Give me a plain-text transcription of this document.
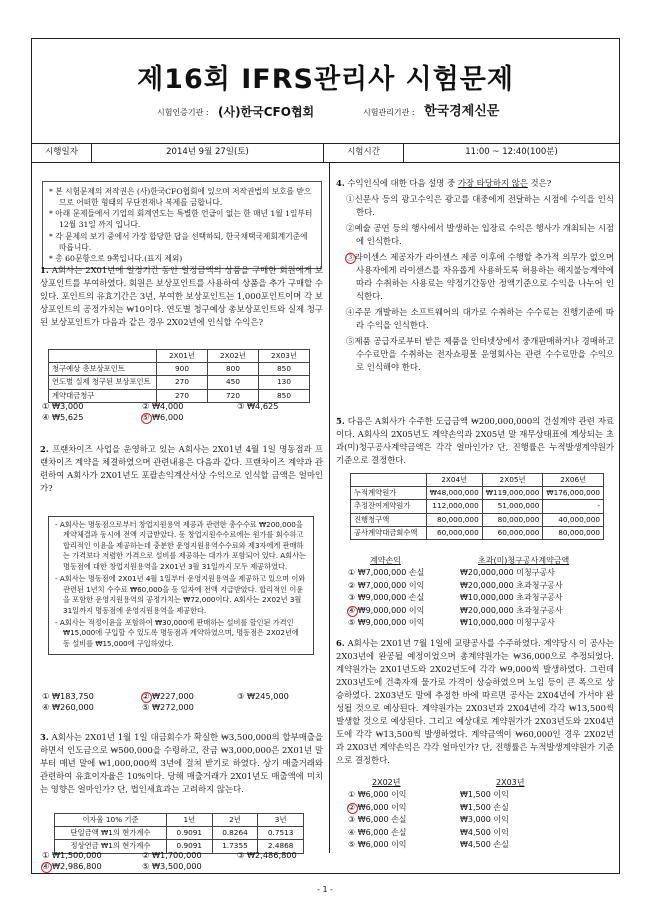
제16회 IFRS관리사 시험문제
시험인증기관 : (사)한국CFO협회	시험관리기관 : 한국경제신문
시행일자	2014년 9월 27일(토)	시험시간	11:00 ~ 12:40(100분)

* 본 시험문제의 저작권은 (사)한국CFO협회에 있으며 저작권법의 보호를 받으므로 어떠한 형태의 무단전재나 복제를 금합니다.

* 아래 문제들에서 기업의 회계연도는 특별한 언급이 없는 한 매년 1월 1일부터 12월 31일 까지 입니다.

* 각 문제의 보기 중에서 가장 합당한 답을 선택하되, 한국채택국제회계기준에 따릅니다.

* 총 60문항으로 9쪽입니다.(표지 제외)

1. A회사는 2X01년에 일정기간 동안 일정금액의 상품을 구매한 회원에게 보상포인트를 부여하였다. 회원은 보상포인트를 사용하여 상품을 추가 구매할 수 있다. 포인트의 유효기간은 3년, 부여한 보상포인트는 1,000포인트이며 각 보상포인트의 공정가치는 ₩10이다. 연도별 청구예상 총보상포인트와 실제 청구된 보상포인트가 다음과 같은 경우 2X02년에 인식할 수익은?

	2X01년	2X02년	2X03년
청구예상 총보상포인트	900	800	850
연도별 실제 청구된 보상포인트	270	450	130
계약대금청구	270	720	850
① ₩3,000	② ₩4,000	③ ₩4,625
④ ₩5,625	⑤ ₩6,000

2. 프랜차이즈 사업을 운영하고 있는 A회사는 2X01년 4월 1일 명동점과 프랜차이즈 계약을 체결하였으며 관련내용은 다음과 같다. 프랜차이즈 계약과 관련하여 A회사가 2X01년도 포괄손익계산서상 수익으로 인식할 금액은 얼마인가?

- A회사는 명동점으로부터 창업지원용역 제공과 관련한 총수수료 ₩200,000을 계약체결과 동시에 전액 지급받았다. 동 창업지원수수료에는 원가를 회수하고 합리적인 이윤을 제공하는데 충분한 운영지원용역수수료와 제3자에게 판매하는 가격보다 저렴한 가격으로 설비를 제공하는 대가가 포함되어 있다. A회사는 명동점에 대한 창업지원용역을 2X01년 3월 31일까지 모두 제공하였다.

- A회사는 명동점에 2X01년 4월 1일부터 운영지원용역을 제공하고 있으며 이와 관련된 1년치 수수료 ₩60,000을 동 일자에 전액 지급받았다. 합리적인 이윤을 포함한 운영지원용역의 공정가치는 ₩72,000이다. A회사는 2X02년 3월 31일까지 명동점에 운영지원용역을 제공한다.

- A회사는 적정이윤을 포함하여 ₩30,000에 판매하는 설비를 할인된 가격인 ₩15,000에 구입할 수 있도록 명동점과 계약하였으며, 명동점은 2X02년에 동 설비를 ₩15,000에 구입하였다.

① ₩183,750	② ₩227,000	③ ₩245,000
④ ₩260,000	⑤ ₩272,000

3. A회사는 2X01년 1월 1일 대금회수가 확실한 ₩3,500,000의 할부매출을 하면서 인도금으로 ₩500,000을 수령하고, 잔금 ₩3,000,000은 2X01년 말부터 매년 말에 ₩1,000,000씩 3년에 걸쳐 받기로 하였다. 상기 매출거래와 관련하여 유효이자율은 10%이다. 당해 매출거래가 2X01년도 매출액에 미치는 영향은 얼마인가? 단, 법인세효과는 고려하지 않는다.

이자율 10% 기준	1년	2년	3년
단일금액 ₩1의 현가계수	0.9091	0.8264	0.7513
정상연금 ₩1의 현가계수	0.9091	1.7355	2.4868
① ₩1,500,000	② ₩1,700,000	③ ₩2,486,800
④ ₩2,986,800	⑤ ₩3,500,000

4. 수익인식에 대한 다음 설명 중 가장 타당하지 않은 것은?

①신문사 등의 광고수익은 광고를 대중에게 전달하는 시점에 수익을 인식한다.

②예술 공연 등의 행사에서 발생하는 입장료 수익은 행사가 개최되는 시점에 인식한다.

③라이센스 제공자가 라이센스 제공 이후에 수행할 추가적 의무가 없으며 사용자에게 라이센스를 자유롭게 사용하도록 허용하는 해지불능계약에 따라 수취하는 사용료는 약정기간동안 정액기준으로 수익을 나누어 인식한다.

④주문 개발하는 소프트웨어의 대가로 수취하는 수수료는 진행기준에 따라 수익을 인식한다.

⑤제품 공급자로부터 받은 제품을 인터넷상에서 중개판매하거나 경매하고 수수료만을 수취하는 전자쇼핑몰 운영회사는 관련 수수료만을 수익으로 인식해야 한다.

5. 다음은 A회사가 수주한 도급금액 ₩200,000,000의 건설계약 관련 자료이다. A회사의 2X05년도 계약손익과 2X05년 말 재무상태표에 계상되는 초과(미)청구공사계약금액은 각각 얼마인가? 단, 진행률은 누적발생계약원가 기준으로 결정한다.

	2X04년	2X05년	2X06년
누적계약원가	₩48,000,000	₩119,000,000	₩176,000,000
추정잔여계약원가	112,000,000	51,000,000	-
진행청구액	80,000,000	80,000,000	40,000,000
공사계약대금회수액	60,000,000	60,000,000	80,000,000
계약손익	초과(미)청구공사계약금액
① ₩7,000,000 손실	₩20,000,000 미청구공사
② ₩7,000,000 이익	₩20,000,000 초과청구공사
③ ₩9,000,000 손실	₩10,000,000 초과청구공사
④ ₩9,000,000 이익	₩20,000,000 초과청구공사
⑤ ₩9,000,000 이익	₩10,000,000 미청구공사

6. A회사는 2X01년 7월 1일에 교량공사를 수주하였다. 계약당시 이 공사는 2X03년에 완공될 예정이었으며 총계약원가는 ₩36,000으로 추정되었다. 계약원가는 2X01년도와 2X02년도에 각각 ₩9,000씩 발생하였다. 그런데 2X03년도에 건축자재 물가로 가격이 상승하였으며 노임 등이 큰 폭으로 상승하였다. 2X03년도 말에 추정한 바에 따르면 공사는 2X04년에 가서야 완성될 것으로 예상된다. 계약원가는 2X03년과 2X04년에 각각 ₩13,500씩 발생할 것으로 예상된다. 그리고 예상대로 계약원가가 2X03년도와 2X04년도에 각각 ₩13,500씩 발생하였다. 계약금액이 ₩60,000인 경우 2X02년과 2X03년 계약손익은 각각 얼마인가? 단, 진행률은 누적발생계약원가 기준으로 결정한다.

2X02년	2X03년
① ₩6,000 이익	₩1,500 이익
② ₩6,000 이익	₩1,500 손실
③ ₩6,000 손실	₩3,000 이익
④ ₩6,000 손실	₩4,500 이익
⑤ ₩6,000 이익	₩4,500 손실
- 1 -
